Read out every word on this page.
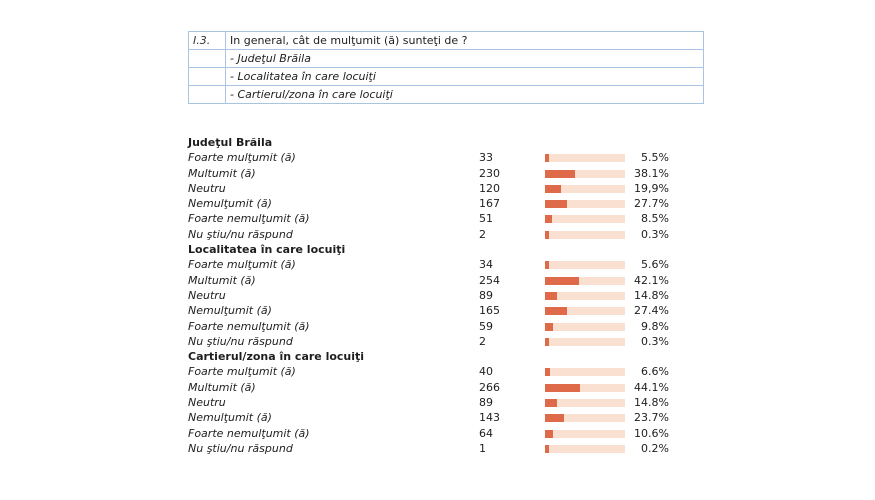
I.3.	In general, cât de mulţumit (ă) sunteţi de ?
	- Judeţul Brăila
	- Localitatea în care locuiţi
	- Cartierul/zona în care locuiţi
Judeţul Brăila
Foarte mulţumit (ă)	33	5.5%
Multumit (ă)	230	38.1%
Neutru	120	19,9%
Nemulţumit (ă)	167	27.7%
Foarte nemulţumit (ă)	51	8.5%
Nu ştiu/nu răspund	2	0.3%
Localitatea în care locuiţi
Foarte mulţumit (ă)	34	5.6%
Multumit (ă)	254	42.1%
Neutru	89	14.8%
Nemulţumit (ă)	165	27.4%
Foarte nemulţumit (ă)	59	9.8%
Nu ştiu/nu răspund	2	0.3%
Cartierul/zona în care locuiţi
Foarte mulţumit (ă)	40	6.6%
Multumit (ă)	266	44.1%
Neutru	89	14.8%
Nemulţumit (ă)	143	23.7%
Foarte nemulţumit (ă)	64	10.6%
Nu ştiu/nu răspund	1	0.2%
